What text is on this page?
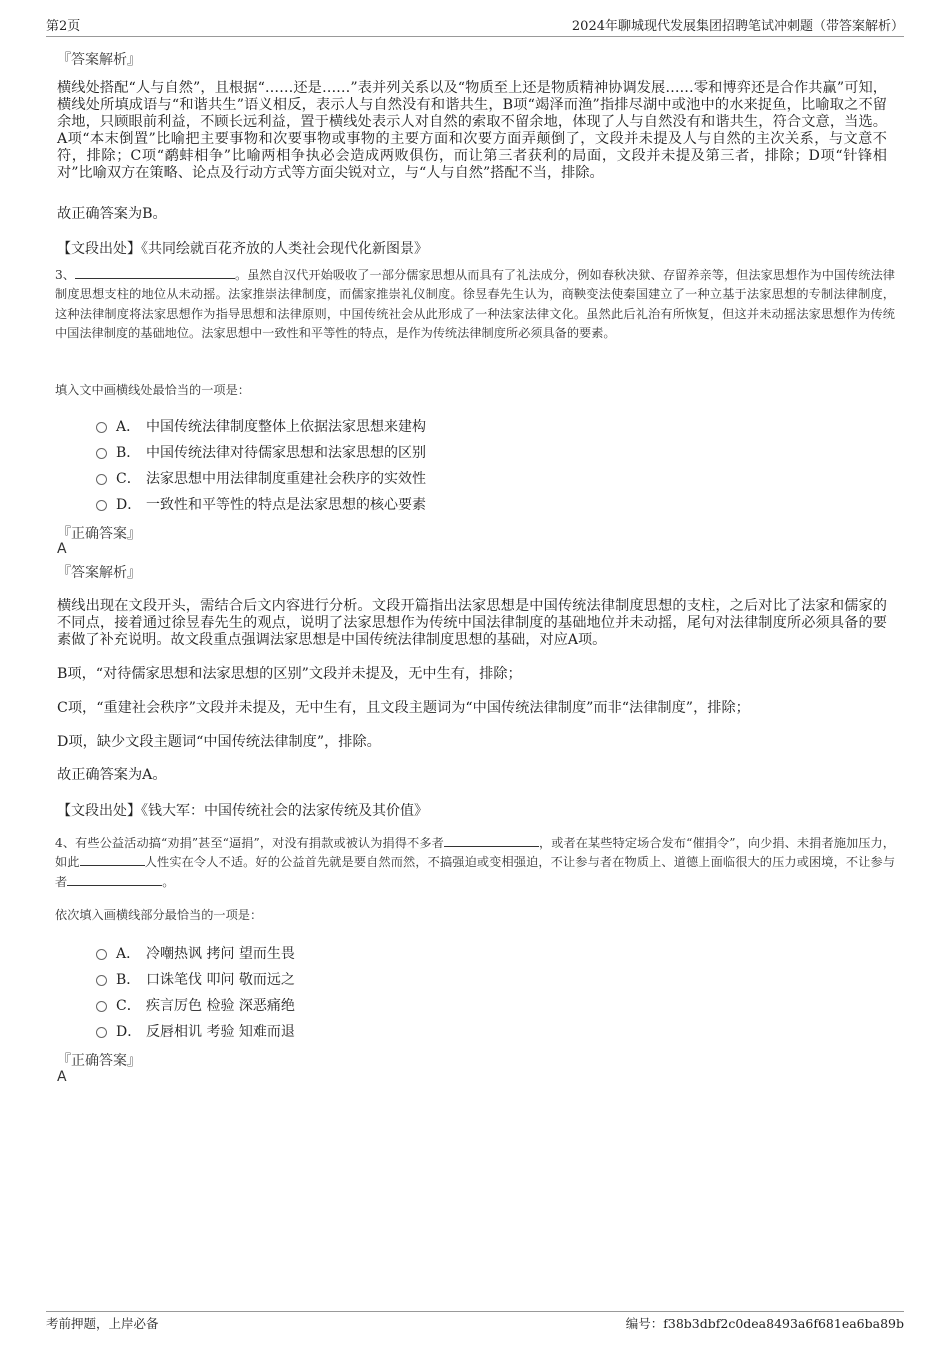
第2页	2024年聊城现代发展集团招聘笔试冲刺题（带答案解析）
『答案解析』
横线处搭配“人与自然”，且根据“……还是……”表并列关系以及“物质至上还是物质精神协调发展……零和博弈还是合作共赢”可知，横线处所填成语与“和谐共生”语义相反，表示人与自然没有和谐共生，B项“竭泽而渔”指排尽湖中或池中的水来捉鱼，比喻取之不留余地，只顾眼前利益，不顾长远利益，置于横线处表示人对自然的索取不留余地，体现了人与自然没有和谐共生，符合文意，当选。A项“本末倒置”比喻把主要事物和次要事物或事物的主要方面和次要方面弄颠倒了，文段并未提及人与自然的主次关系，与文意不符，排除；C项“鹬蚌相争”比喻两相争执必会造成两败俱伤，而让第三者获利的局面，文段并未提及第三者，排除；D项“针锋相对”比喻双方在策略、论点及行动方式等方面尖锐对立，与“人与自然”搭配不当，排除。
故正确答案为B。
【文段出处】《共同绘就百花齐放的人类社会现代化新图景》
3、	。虽然自汉代开始吸收了一部分儒家思想从而具有了礼法成分，例如春秋决狱、存留养亲等，但法家思想作为中国传统法律制度思想支柱的地位从未动摇。法家推崇法律制度，而儒家推崇礼仪制度。徐昱春先生认为，商鞅变法使秦国建立了一种立基于法家思想的专制法律制度，这种法律制度将法家思想作为指导思想和法律原则，中国传统社会从此形成了一种法家法律文化。虽然此后礼治有所恢复，但这并未动摇法家思想作为传统中国法律制度的基础地位。法家思想中一致性和平等性的特点，是作为传统法律制度所必须具备的要素。
填入文中画横线处最恰当的一项是：
A． 中国传统法律制度整体上依据法家思想来建构
B． 中国传统法律对待儒家思想和法家思想的区别
C． 法家思想中用法律制度重建社会秩序的实效性
D． 一致性和平等性的特点是法家思想的核心要素
『正确答案』
A
『答案解析』
横线出现在文段开头，需结合后文内容进行分析。文段开篇指出法家思想是中国传统法律制度思想的支柱，之后对比了法家和儒家的不同点，接着通过徐昱春先生的观点，说明了法家思想作为传统中国法律制度的基础地位并未动摇，尾句对法律制度所必须具备的要素做了补充说明。故文段重点强调法家思想是中国传统法律制度思想的基础，对应A项。
B项，“对待儒家思想和法家思想的区别”文段并未提及，无中生有，排除；
C项，“重建社会秩序”文段并未提及，无中生有，且文段主题词为“中国传统法律制度”而非“法律制度”，排除；
D项，缺少文段主题词“中国传统法律制度”，排除。
故正确答案为A。
【文段出处】《钱大军：中国传统社会的法家传统及其价值》
4、有些公益活动搞“劝捐”甚至“逼捐”，对没有捐款或被认为捐得不多者	，或者在某些特定场合发布“催捐令”，向少捐、未捐者施加压力，如此	人性实在令人不适。好的公益首先就是要自然而然，不搞强迫或变相强迫，不让参与者在物质上、道德上面临很大的压力或困境，不让参与者	。
依次填入画横线部分最恰当的一项是：
A． 冷嘲热讽 拷问 望而生畏
B． 口诛笔伐 叩问 敬而远之
C． 疾言厉色 检验 深恶痛绝
D． 反唇相讥 考验 知难而退
『正确答案』
A
考前押题，上岸必备	编号：f38b3dbf2c0dea8493a6f681ea6ba89b
